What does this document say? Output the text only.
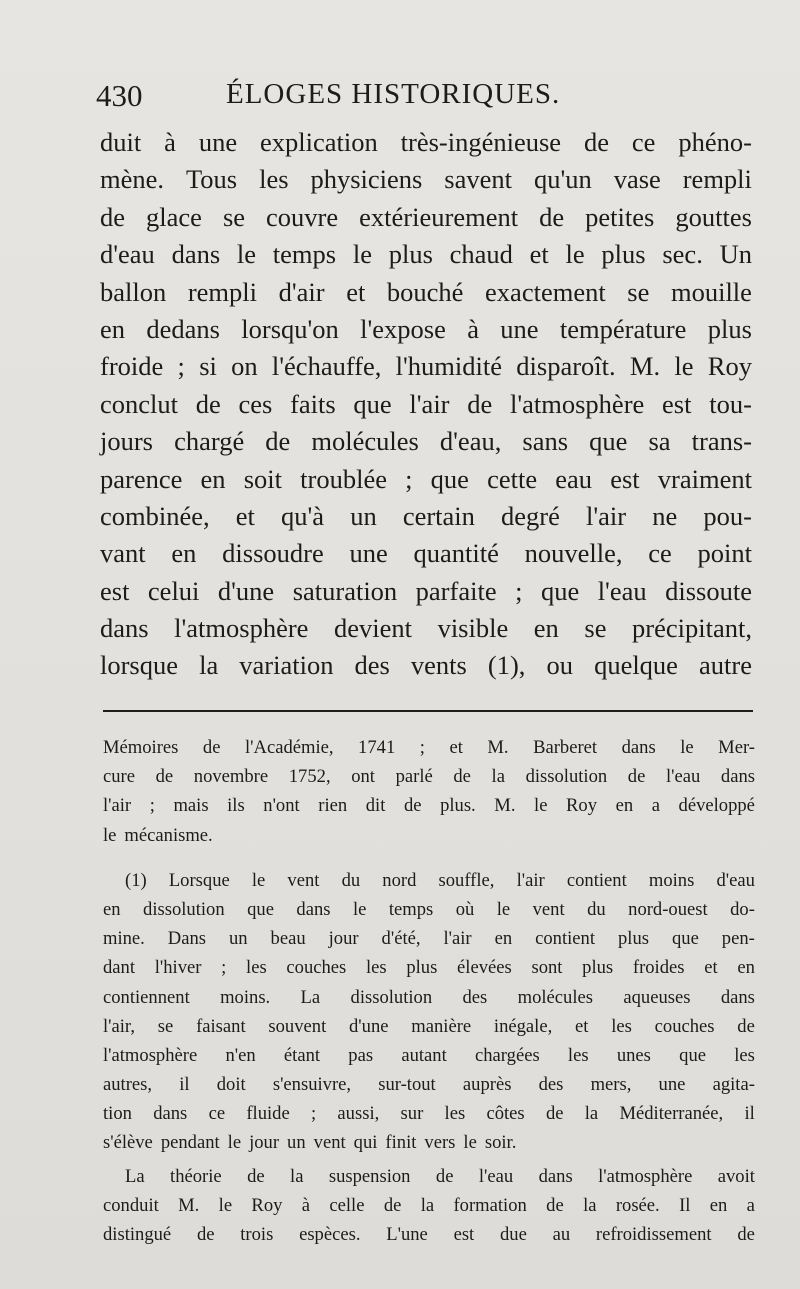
430	ÉLOGES HISTORIQUES.
duit à une explication très-ingénieuse de ce phéno-
mène. Tous les physiciens savent qu'un vase rempli
de glace se couvre extérieurement de petites gouttes
d'eau dans le temps le plus chaud et le plus sec. Un
ballon rempli d'air et bouché exactement se mouille
en dedans lorsqu'on l'expose à une température plus
froide ; si on l'échauffe, l'humidité disparoît. M. le Roy
conclut de ces faits que l'air de l'atmosphère est tou-
jours chargé de molécules d'eau, sans que sa trans-
parence en soit troublée ; que cette eau est vraiment
combinée, et qu'à un certain degré l'air ne pou-
vant en dissoudre une quantité nouvelle, ce point
est celui d'une saturation parfaite ; que l'eau dissoute
dans l'atmosphère devient visible en se précipitant,
lorsque la variation des vents (1), ou quelque autre
Mémoires de l'Académie, 1741 ; et M. Barberet dans le Mer-
cure de novembre 1752, ont parlé de la dissolution de l'eau dans
l'air ; mais ils n'ont rien dit de plus. M. le Roy en a développé
le mécanisme.
(1) Lorsque le vent du nord souffle, l'air contient moins d'eau
en dissolution que dans le temps où le vent du nord-ouest do-
mine. Dans un beau jour d'été, l'air en contient plus que pen-
dant l'hiver ; les couches les plus élevées sont plus froides et en
contiennent moins. La dissolution des molécules aqueuses dans
l'air, se faisant souvent d'une manière inégale, et les couches de
l'atmosphère n'en étant pas autant chargées les unes que les
autres, il doit s'ensuivre, sur-tout auprès des mers, une agita-
tion dans ce fluide ; aussi, sur les côtes de la Méditerranée, il
s'élève pendant le jour un vent qui finit vers le soir.
La théorie de la suspension de l'eau dans l'atmosphère avoit
conduit M. le Roy à celle de la formation de la rosée. Il en a
distingué de trois espèces. L'une est due au refroidissement de
